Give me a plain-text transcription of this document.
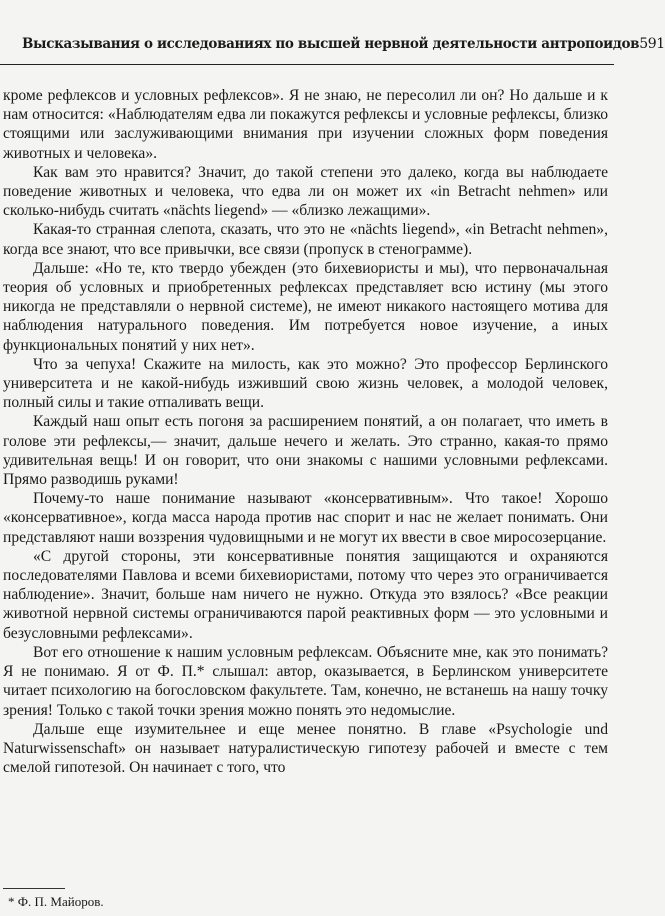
Высказывания о исследованиях по высшей нервной деятельности антропоидов 591

кроме рефлексов и условных рефлексов». Я не знаю, не пересолил ли он? Но дальше и к нам относится: «Наблюдателям едва ли покажутся рефлексы и условные рефлексы, близко стоящими или заслуживающими внимания при изучении сложных форм поведения животных и человека».

Как вам это нравится? Значит, до такой степени это далеко, когда вы наблюдаете поведение животных и человека, что едва ли он может их «in Betracht nehmen» или сколько-нибудь считать «nächts liegend» — «близко лежащими».

Какая-то странная слепота, сказать, что это не «nächts liegend», «in Betracht nehmen», когда все знают, что все привычки, все связи (пропуск в стенограмме).

Дальше: «Но те, кто твердо убежден (это бихевиористы и мы), что первоначальная теория об условных и приобретенных рефлексах представляет всю истину (мы этого никогда не представляли о нервной системе), не имеют никакого настоящего мотива для наблюдения натурального поведения. Им потребуется новое изучение, а иных функциональных понятий у них нет».

Что за чепуха! Скажите на милость, как это можно? Это профессор Берлинского университета и не какой-нибудь изживший свою жизнь человек, а молодой человек, полный силы и такие отпаливать вещи.

Каждый наш опыт есть погоня за расширением понятий, а он полагает, что иметь в голове эти рефлексы,— значит, дальше нечего и желать. Это странно, какая-то прямо удивительная вещь! И он говорит, что они знакомы с нашими условными рефлексами. Прямо разводишь руками!

Почему-то наше понимание называют «консервативным». Что такое! Хорошо «консервативное», когда масса народа против нас спорит и нас не желает понимать. Они представляют наши воззрения чудовищными и не могут их ввести в свое миросозерцание.

«С другой стороны, эти консервативные понятия защищаются и охраняются последователями Павлова и всеми бихевиористами, потому что через это ограничивается наблюдение». Значит, больше нам ничего не нужно. Откуда это взялось? «Все реакции животной нервной системы ограничиваются парой реактивных форм — это условными и безусловными рефлексами».

Вот его отношение к нашим условным рефлексам. Объясните мне, как это понимать? Я не понимаю. Я от Ф. П.* слышал: автор, оказывается, в Берлинском университете читает психологию на богословском факультете. Там, конечно, не встанешь на нашу точку зрения! Только с такой точки зрения можно понять это недомыслие.

Дальше еще изумительнее и еще менее понятно. В главе «Psychologie und Naturwissenschaft» он называет натуралистическую гипотезу рабочей и вместе с тем смелой гипотезой. Он начинает с того, что

* Ф. П. Майоров.
